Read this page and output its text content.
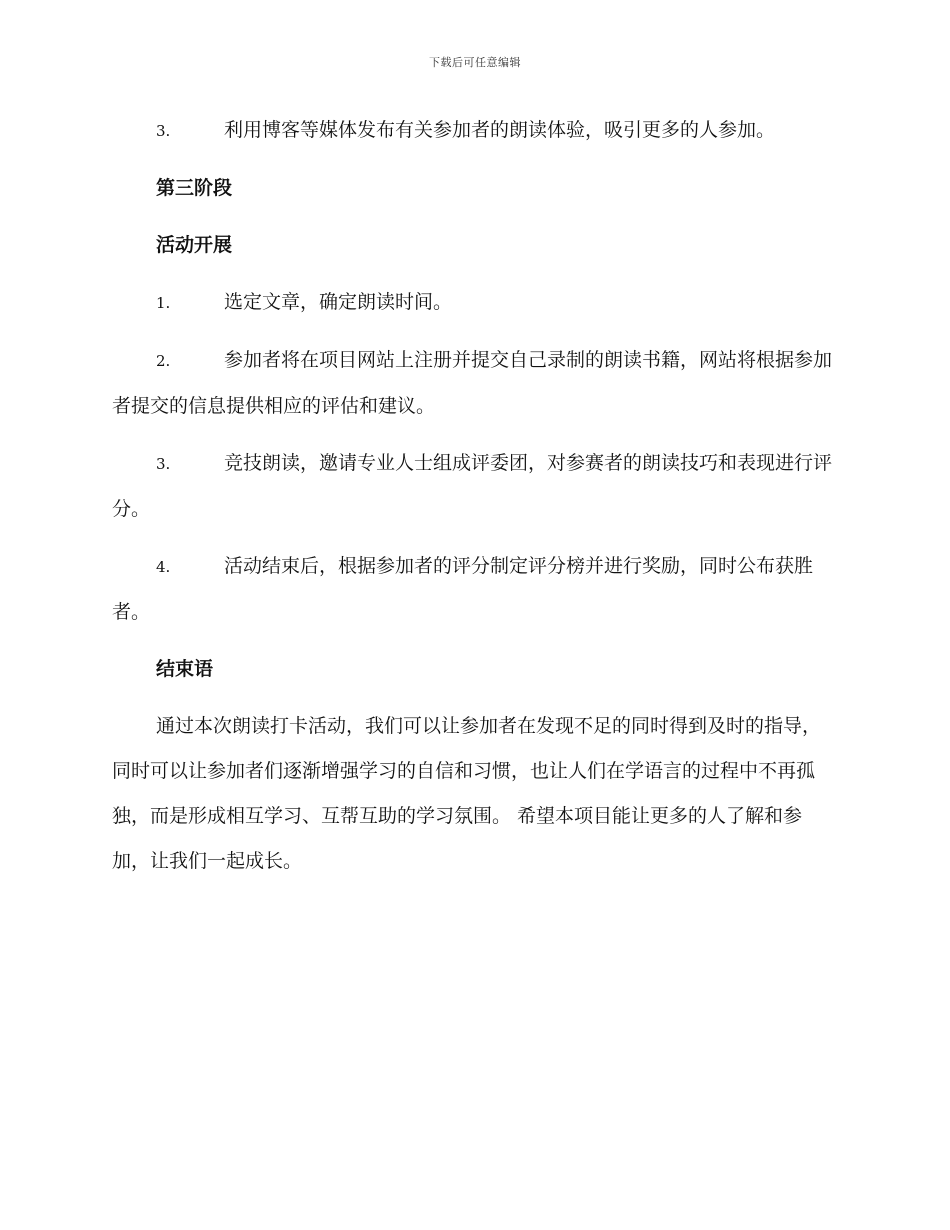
下载后可任意编辑

3.	利用博客等媒体发布有关参加者的朗读体验，吸引更多的人参加。

第三阶段
活动开展

1.	选定文章，确定朗读时间。

2.	参加者将在项目网站上注册并提交自己录制的朗读书籍，网站将根据参加者提交的信息提供相应的评估和建议。

3.	竞技朗读，邀请专业人士组成评委团，对参赛者的朗读技巧和表现进行评分。

4.	活动结束后，根据参加者的评分制定评分榜并进行奖励，同时公布获胜者。

结束语

通过本次朗读打卡活动，我们可以让参加者在发现不足的同时得到及时的指导，同时可以让参加者们逐渐增强学习的自信和习惯，也让人们在学语言的过程中不再孤独，而是形成相互学习、互帮互助的学习氛围。 希望本项目能让更多的人了解和参加，让我们一起成长。
